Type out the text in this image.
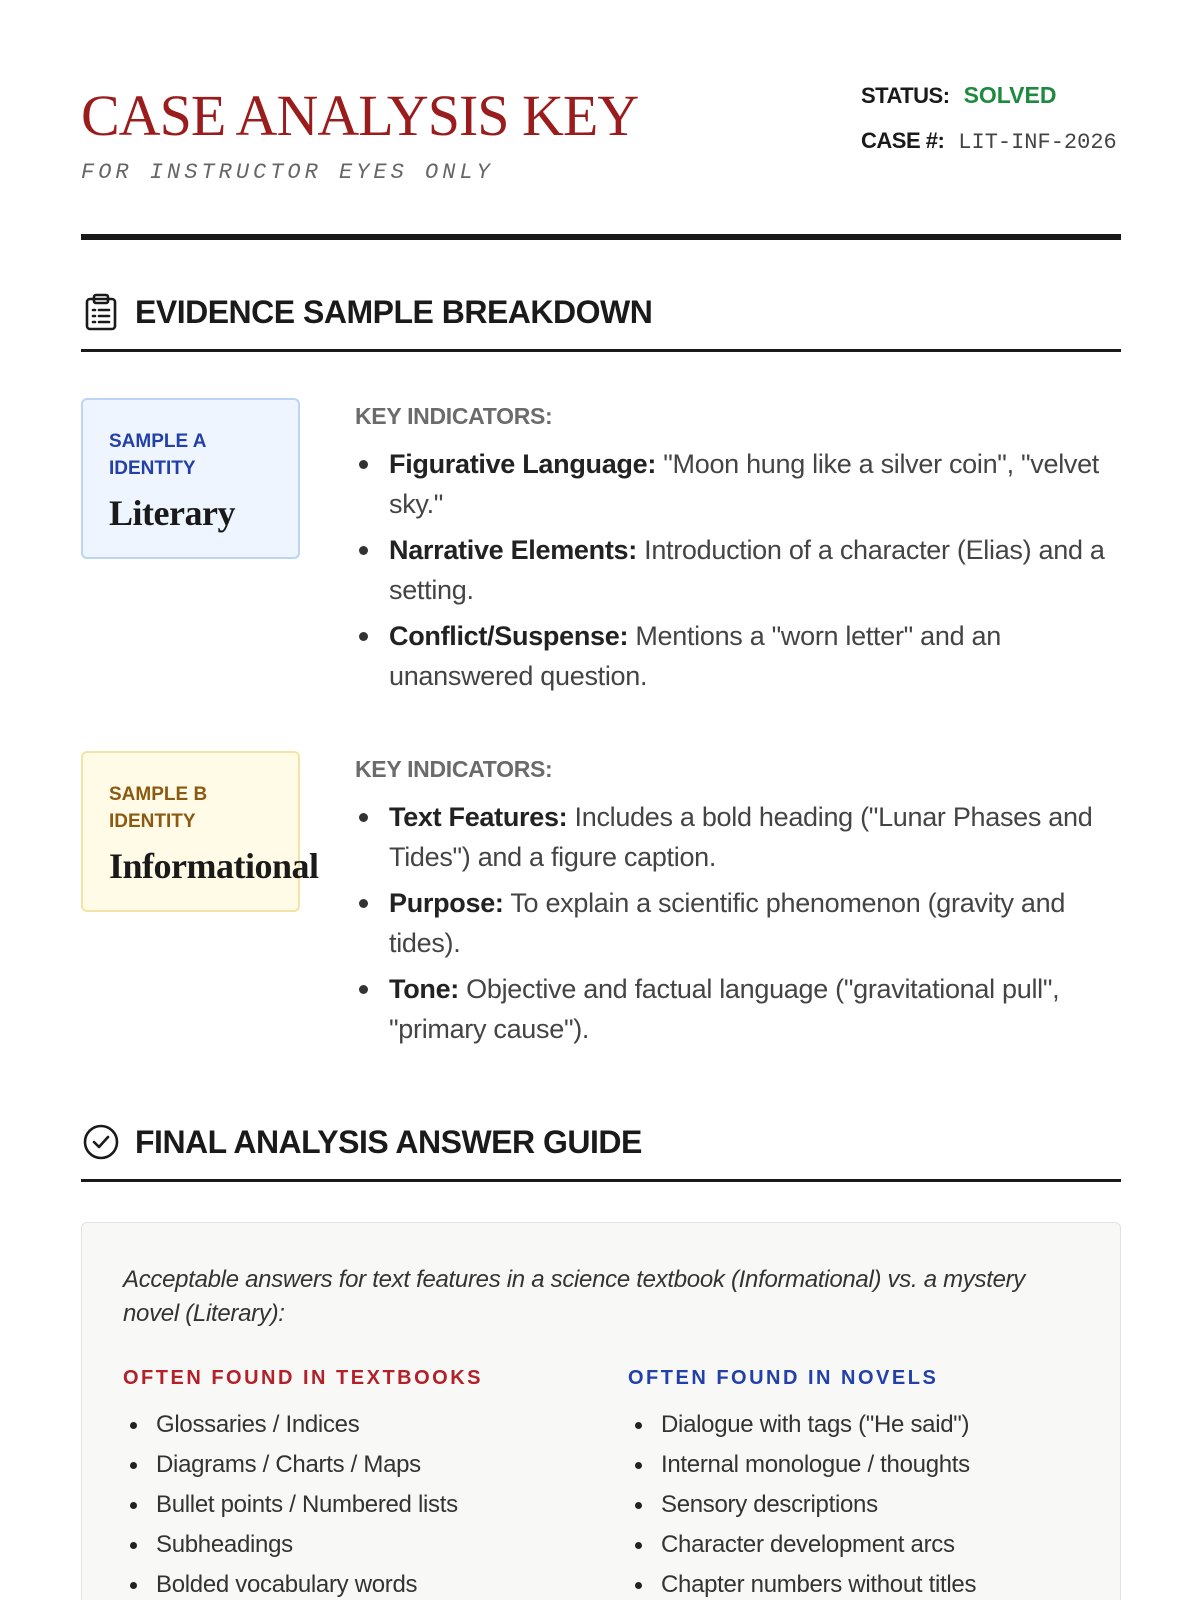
CASE ANALYSIS KEY
FOR INSTRUCTOR EYES ONLY
STATUS: SOLVED
CASE #: LIT-INF-2026
EVIDENCE SAMPLE BREAKDOWN
SAMPLE A IDENTITY
Literary
KEY INDICATORS:
Figurative Language: "Moon hung like a silver coin", "velvet sky."
Narrative Elements: Introduction of a character (Elias) and a setting.
Conflict/Suspense: Mentions a "worn letter" and an unanswered question.
SAMPLE B IDENTITY
Informational
KEY INDICATORS:
Text Features: Includes a bold heading ("Lunar Phases and Tides") and a figure caption.
Purpose: To explain a scientific phenomenon (gravity and tides).
Tone: Objective and factual language ("gravitational pull", "primary cause").
FINAL ANALYSIS ANSWER GUIDE

Acceptable answers for text features in a science textbook (Informational) vs. a mystery novel (Literary):

OFTEN FOUND IN TEXTBOOKS
Glossaries / Indices
Diagrams / Charts / Maps
Bullet points / Numbered lists
Subheadings
Bolded vocabulary words
OFTEN FOUND IN NOVELS
Dialogue with tags ("He said")
Internal monologue / thoughts
Sensory descriptions
Character development arcs
Chapter numbers without titles
